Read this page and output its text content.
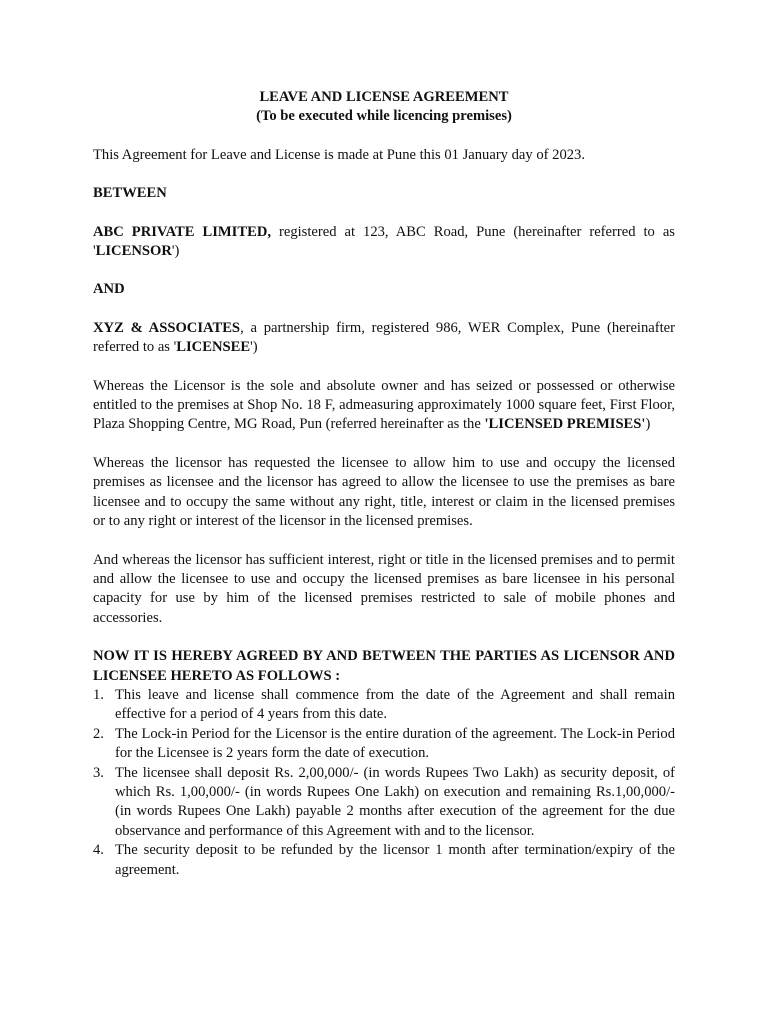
LEAVE AND LICENSE AGREEMENT
(To be executed while licencing premises)

This Agreement for Leave and License is made at Pune this 01 January day of 2023.

BETWEEN

ABC PRIVATE LIMITED, registered at 123, ABC Road, Pune (hereinafter referred to as 'LICENSOR')

AND

XYZ & ASSOCIATES, a partnership firm, registered 986, WER Complex, Pune (hereinafter referred to as 'LICENSEE')

Whereas the Licensor is the sole and absolute owner and has seized or possessed or otherwise entitled to the premises at Shop No. 18 F, admeasuring approximately 1000 square feet, First Floor, Plaza Shopping Centre, MG Road, Pun (referred hereinafter as the 'LICENSED PREMISES')

Whereas the licensor has requested the licensee to allow him to use and occupy the licensed premises as licensee and the licensor has agreed to allow the licensee to use the premises as bare licensee and to occupy the same without any right, title, interest or claim in the licensed premises or to any right or interest of the licensor in the licensed premises.

And whereas the licensor has sufficient interest, right or title in the licensed premises and to permit and allow the licensee to use and occupy the licensed premises as bare licensee in his personal capacity for use by him of the licensed premises restricted to sale of mobile phones and accessories.

NOW IT IS HEREBY AGREED BY AND BETWEEN THE PARTIES AS LICENSOR AND LICENSEE HERETO AS FOLLOWS :
1. This leave and license shall commence from the date of the Agreement and shall remain effective for a period of 4 years from this date.
2. The Lock-in Period for the Licensor is the entire duration of the agreement. The Lock-in Period for the Licensee is 2 years form the date of execution.
3. The licensee shall deposit Rs. 2,00,000/- (in words Rupees Two Lakh) as security deposit, of which Rs. 1,00,000/- (in words Rupees One Lakh) on execution and remaining Rs.1,00,000/- (in words Rupees One Lakh) payable 2 months after execution of the agreement for the due observance and performance of this Agreement with and to the licensor.
4. The security deposit to be refunded by the licensor 1 month after termination/expiry of the agreement.
